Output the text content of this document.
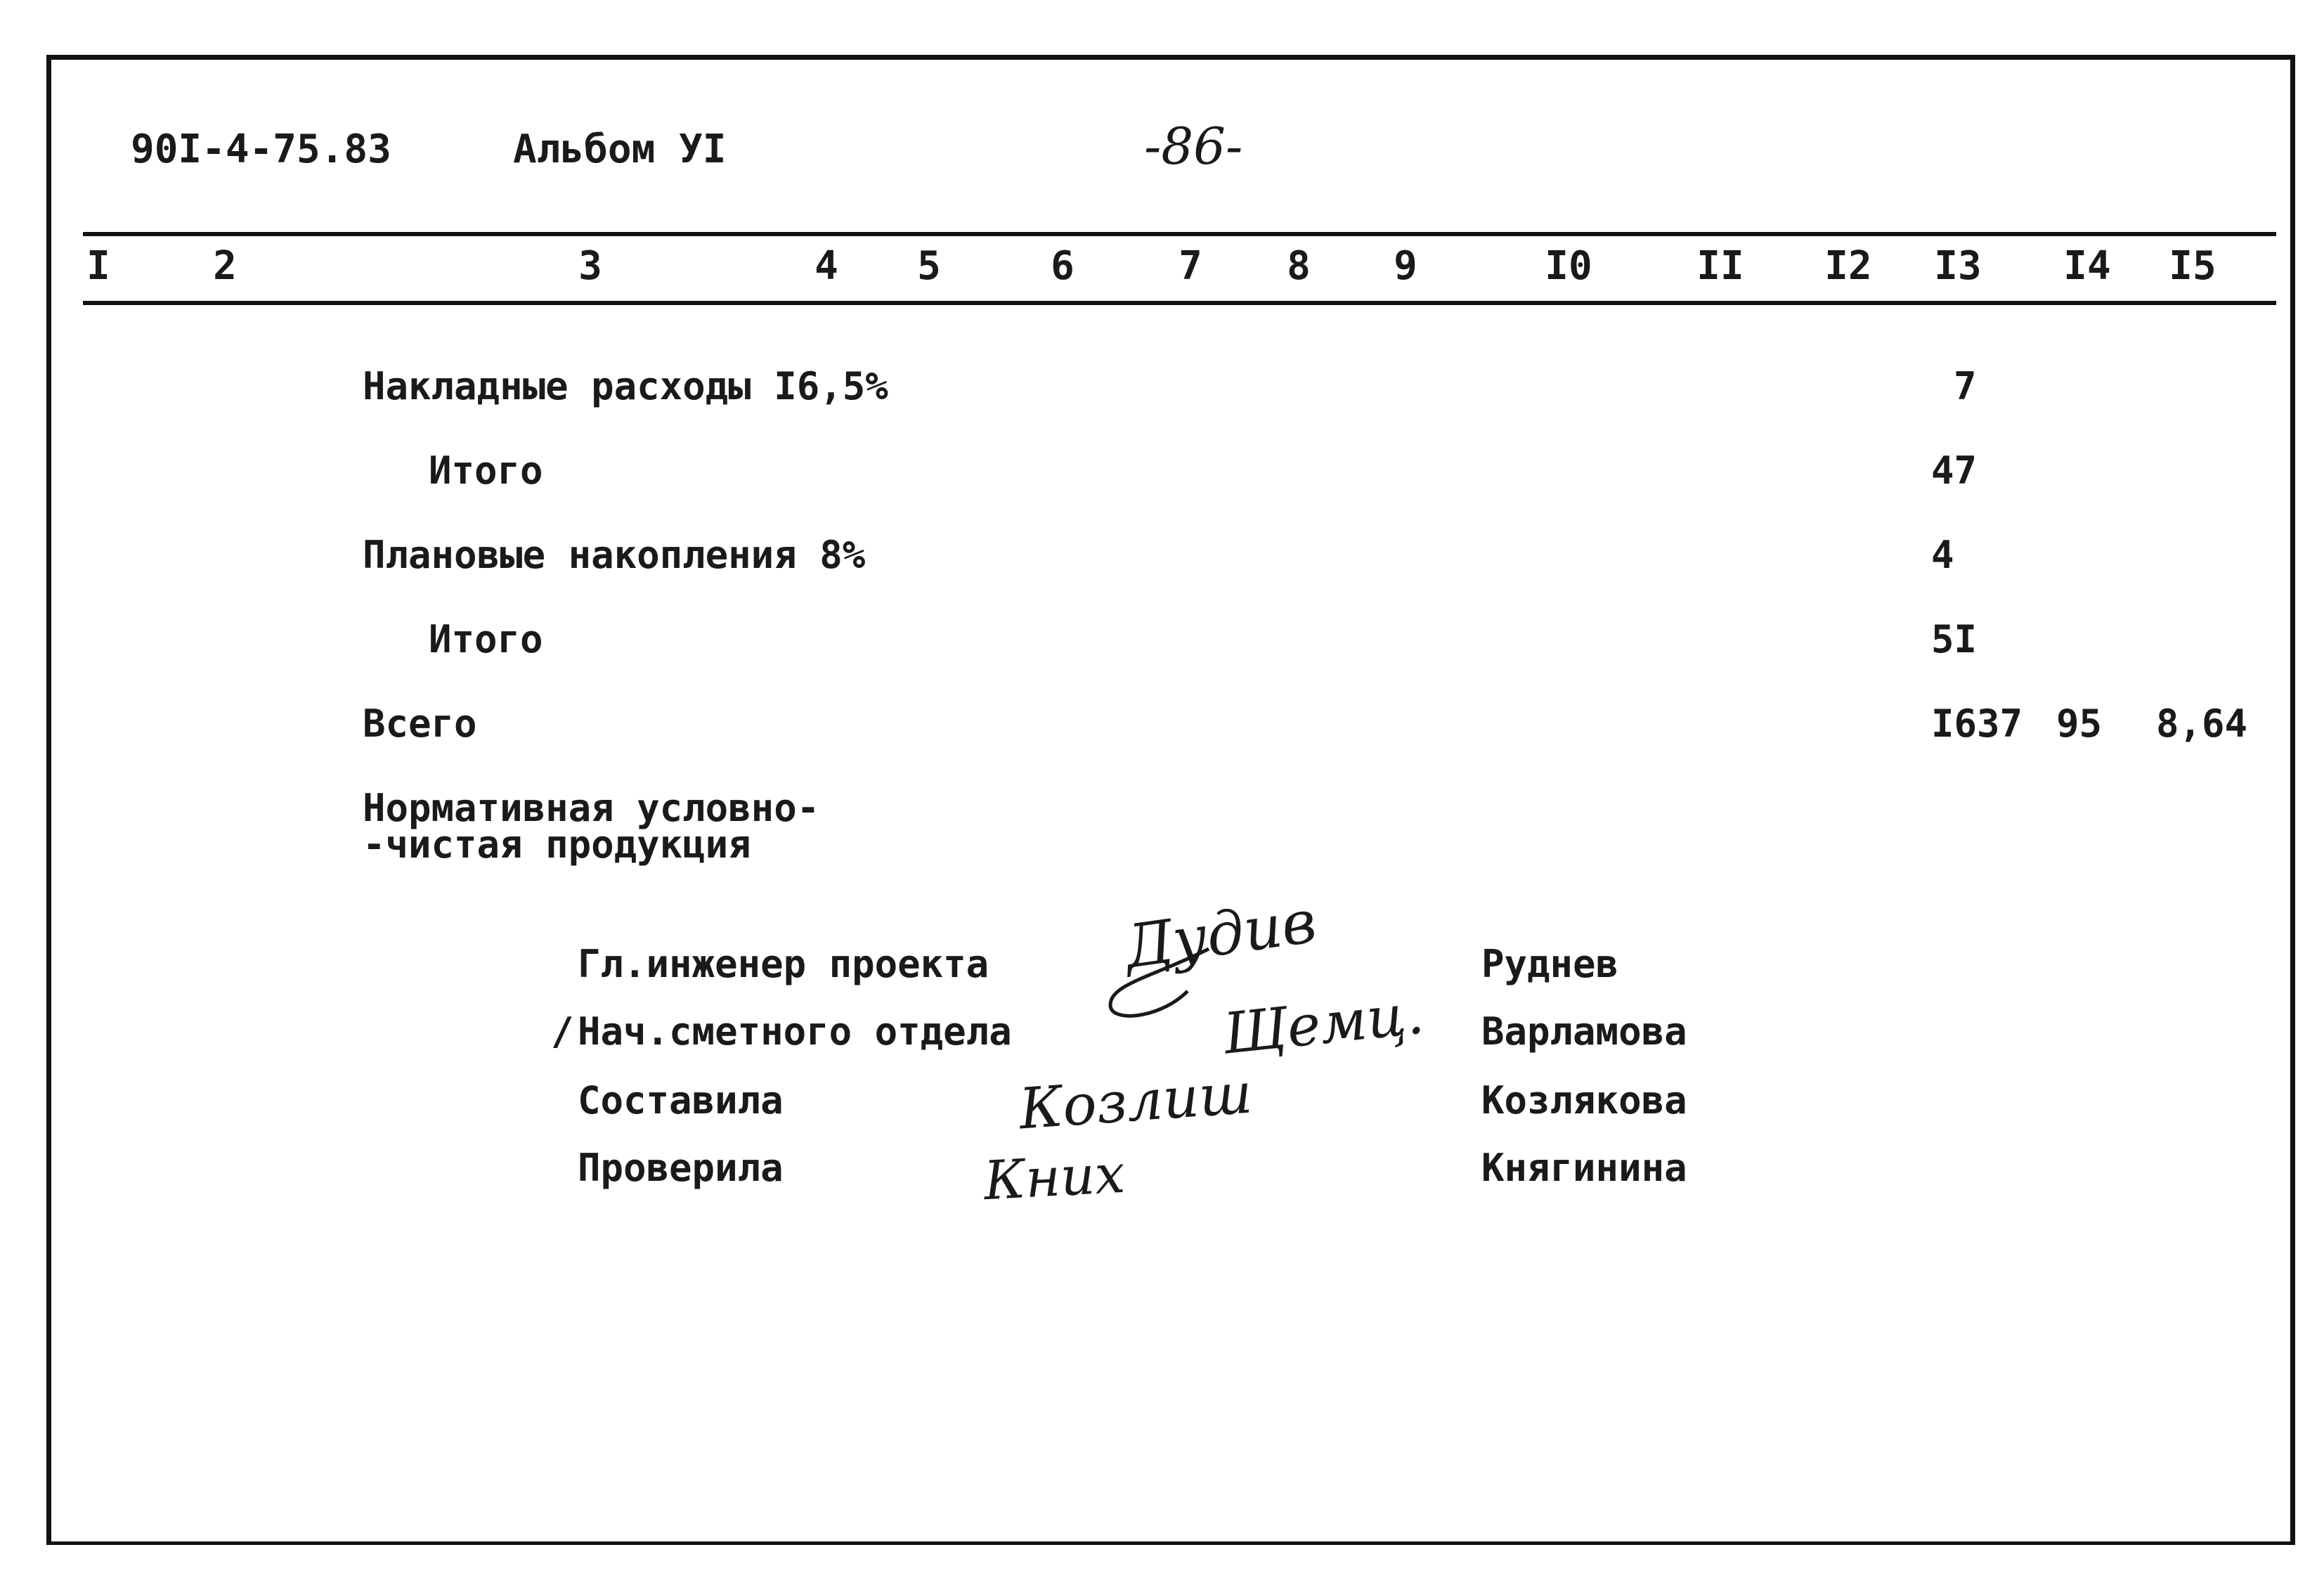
90I-4-75.83	Альбом УI	-86-
I	2	3	4 5	6	7 8 9	I0	II I2 I3 I4 I5
Накладные расходы I6,5%	7
Итого	47
Плановые накопления 8%	4
Итого	5I
Всего	I637 95 8,64
Нормативная условно-
-чистая продукция
Гл.инженер проекта	Руднев
/ Нач.сметного отдела	Варламова
Составила	Козлякова
Проверила	Княгинина
Дудив
Щемц.
Козлиш
Кних
